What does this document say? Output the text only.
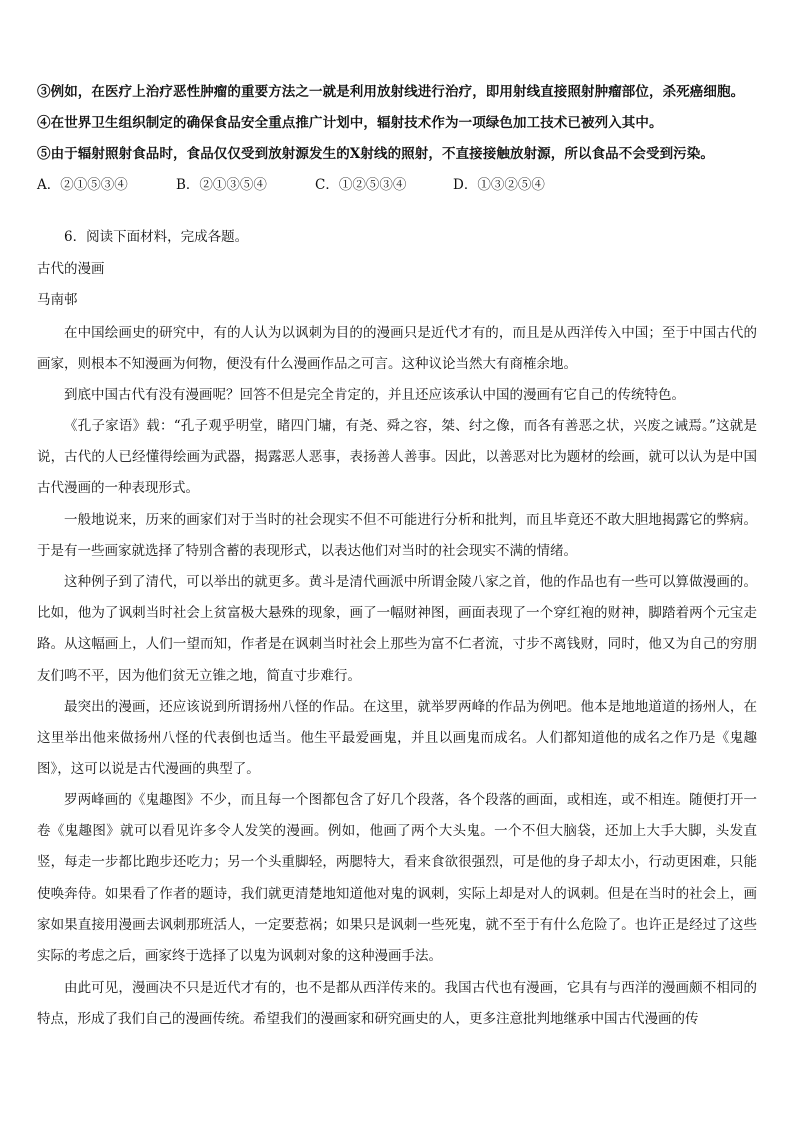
③例如，在医疗上治疗恶性肿瘤的重要方法之一就是利用放射线进行治疗，即用射线直接照射肿瘤部位，杀死癌细胞。
④在世界卫生组织制定的确保食品安全重点推广计划中，辐射技术作为一项绿色加工技术已被列入其中。
⑤由于辐射照射食品时，食品仅仅受到放射源发生的X射线的照射，不直接接触放射源，所以食品不会受到污染。
A．②①⑤③④	B．②①③⑤④	C．①②⑤③④	D．①③②⑤④
6．阅读下面材料，完成各题。
古代的漫画
马南邨

在中国绘画史的研究中，有的人认为以讽刺为目的的漫画只是近代才有的，而且是从西洋传入中国；至于中国古代的画家，则根本不知漫画为何物，便没有什么漫画作品之可言。这种议论当然大有商榷余地。

到底中国古代有没有漫画呢？回答不但是完全肯定的，并且还应该承认中国的漫画有它自己的传统特色。

《孔子家语》载：“孔子观乎明堂，睹四门墉，有尧、舜之容，桀、纣之像，而各有善恶之状，兴废之诫焉。”这就是说，古代的人已经懂得绘画为武器，揭露恶人恶事，表扬善人善事。因此，以善恶对比为题材的绘画，就可以认为是中国古代漫画的一种表现形式。

一般地说来，历来的画家们对于当时的社会现实不但不可能进行分析和批判，而且毕竟还不敢大胆地揭露它的弊病。于是有一些画家就选择了特别含蓄的表现形式，以表达他们对当时的社会现实不满的情绪。

这种例子到了清代，可以举出的就更多。黄斗是清代画派中所谓金陵八家之首，他的作品也有一些可以算做漫画的。比如，他为了讽刺当时社会上贫富极大悬殊的现象，画了一幅财神图，画面表现了一个穿红袍的财神，脚踏着两个元宝走路。从这幅画上，人们一望而知，作者是在讽刺当时社会上那些为富不仁者流，寸步不离钱财，同时，他又为自己的穷朋友们鸣不平，因为他们贫无立锥之地，简直寸步难行。

最突出的漫画，还应该说到所谓扬州八怪的作品。在这里，就举罗两峰的作品为例吧。他本是地地道道的扬州人，在这里举出他来做扬州八怪的代表倒也适当。他生平最爱画鬼，并且以画鬼而成名。人们都知道他的成名之作乃是《鬼趣图》，这可以说是古代漫画的典型了。

罗两峰画的《鬼趣图》不少，而且每一个图都包含了好几个段落，各个段落的画面，或相连，或不相连。随便打开一卷《鬼趣图》就可以看见许多令人发笑的漫画。例如，他画了两个大头鬼。一个不但大脑袋，还加上大手大脚，头发直竖，每走一步都比跑步还吃力；另一个头重脚轻，两腮特大，看来食欲很强烈，可是他的身子却太小，行动更困难，只能使唤奔侍。如果看了作者的题诗，我们就更清楚地知道他对鬼的讽刺，实际上却是对人的讽刺。但是在当时的社会上，画家如果直接用漫画去讽刺那班活人，一定要惹祸；如果只是讽刺一些死鬼，就不至于有什么危险了。也许正是经过了这些实际的考虑之后，画家终于选择了以鬼为讽刺对象的这种漫画手法。

由此可见，漫画决不只是近代才有的，也不是都从西洋传来的。我国古代也有漫画，它具有与西洋的漫画颇不相同的特点，形成了我们自己的漫画传统。希望我们的漫画家和研究画史的人，更多注意批判地继承中国古代漫画的传
